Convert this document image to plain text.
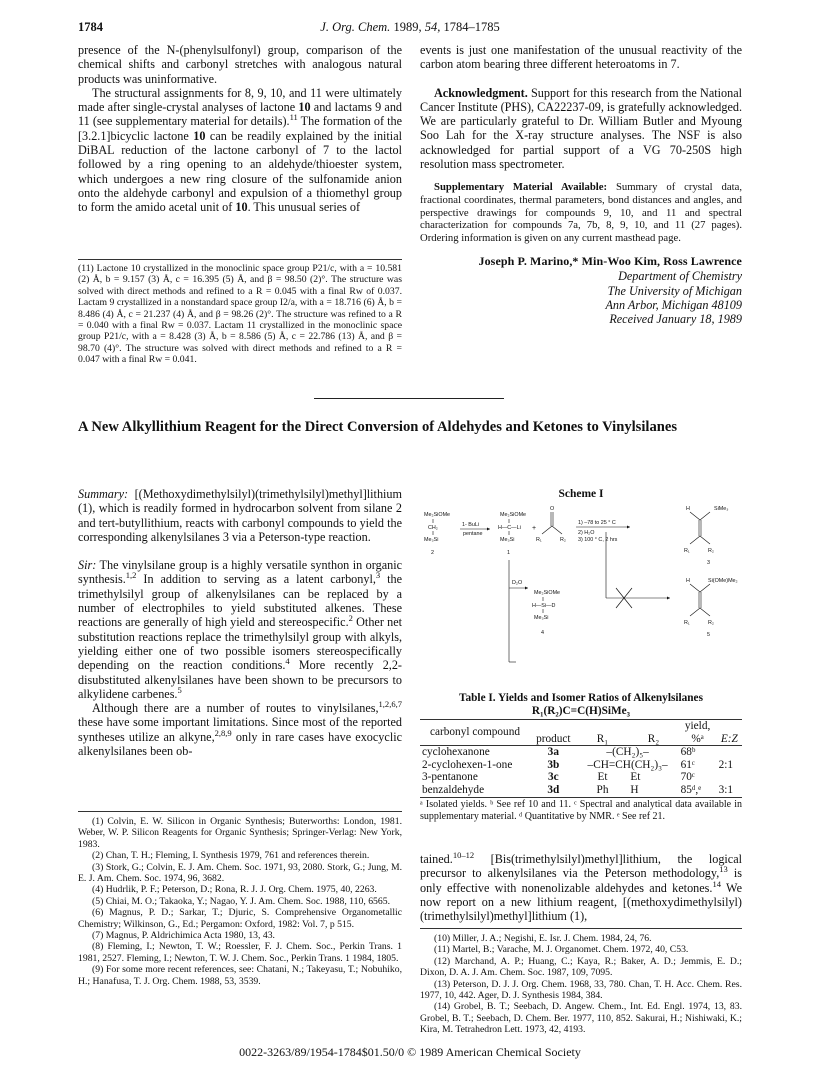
1784	J. Org. Chem. 1989, 54, 1784–1785

presence of the N-(phenylsulfonyl) group, comparison of the chemical shifts and carbonyl stretches with analogous natural products was uninformative.

The structural assignments for 8, 9, 10, and 11 were ultimately made after single-crystal analyses of lactone 10 and lactams 9 and 11 (see supplementary material for details).$^{11}$ The formation of the [3.2.1]bicyclic lactone 10 can be readily explained by the initial DiBAL reduction of the lactone carbonyl of 7 to the lactol followed by a ring opening to an aldehyde/thioester system, which undergoes a new ring closure of the sulfonamide anion onto the aldehyde carbonyl and expulsion of a thiomethyl group to form the amido acetal unit of 10. This unusual series of

(11) Lactone 10 crystallized in the monoclinic space group P21/c, with a = 10.581 (2) Å, b = 9.157 (3) Å, c = 16.395 (5) Å, and β = 98.50 (2)°. The structure was solved with direct methods and refined to a R = 0.045 with a final Rw of 0.037. Lactam 9 crystallized in a nonstandard space group I2/a, with a = 18.716 (6) Å, b = 8.486 (4) Å, c = 21.237 (4) Å, and β = 98.26 (2)°. The structure was refined to a R = 0.040 with a final Rw = 0.037. Lactam 11 crystallized in the monoclinic space group P21/c, with a = 8.428 (3) Å, b = 8.586 (5) Å, c = 22.786 (13) Å, and β = 98.70 (4)°. The structure was solved with direct methods and refined to a R = 0.047 with a final Rw = 0.041.

events is just one manifestation of the unusual reactivity of the carbon atom bearing three different heteroatoms in 7.

Acknowledgment. Support for this research from the National Cancer Institute (PHS), CA22237-09, is gratefully acknowledged. We are particularly grateful to Dr. William Butler and Myoung Soo Lah for the X-ray structure analyses. The NSF is also acknowledged for partial support of a VG 70-250S high resolution mass spectrometer.

Supplementary Material Available: Summary of crystal data, fractional coordinates, thermal parameters, bond distances and angles, and perspective drawings for compounds 9, 10, and 11 and spectral characterization for compounds 7a, 7b, 8, 9, 10, and 11 (27 pages). Ordering information is given on any current masthead page.

Joseph P. Marino,* Min-Woo Kim, Ross Lawrence

Department of Chemistry

The University of Michigan

Ann Arbor, Michigan 48109

Received January 18, 1989

A New Alkyllithium Reagent for the Direct Conversion of Aldehydes and Ketones to Vinylsilanes

Summary: [(Methoxydimethylsilyl)(trimethylsilyl)methyl]lithium (1), which is readily formed in hydrocarbon solvent from silane 2 and tert-butyllithium, reacts with carbonyl compounds to yield the corresponding alkenylsilanes 3 via a Peterson-type reaction.

Sir: The vinylsilane group is a highly versatile synthon in organic synthesis.$^{1,2}$ In addition to serving as a latent carbonyl,$^3$ the trimethylsilyl group of alkenylsilanes can be replaced by a number of electrophiles to yield substituted alkenes. These reactions are generally of high yield and stereospecific.$^2$ Other net substitution reactions replace the trimethylsilyl group with alkyls, yielding either one of two possible isomers stereospecifically depending on the reaction conditions.$^4$ More recently 2,2-disubstituted alkenylsilanes have been shown to be precursors to alkylidene carbenes.$^5$

Although there are a number of routes to vinylsilanes,$^{1,2,6,7}$ these have some important limitations. Since most of the reported syntheses utilize an alkyne,$^{2,8,9}$ only in rare cases have exocyclic alkenylsilanes been ob-

(1) Colvin, E. W. Silicon in Organic Synthesis; Buterworths: London, 1981. Weber, W. P. Silicon Reagents for Organic Synthesis; Springer-Verlag: New York, 1983.

(2) Chan, T. H.; Fleming, I. Synthesis 1979, 761 and references therein.

(3) Stork, G.; Colvin, E. J. Am. Chem. Soc. 1971, 93, 2080. Stork, G.; Jung, M. E. J. Am. Chem. Soc. 1974, 96, 3682.

(4) Hudrlik, P. F.; Peterson, D.; Rona, R. J. J. Org. Chem. 1975, 40, 2263.

(5) Chiai, M. O.; Takaoka, Y.; Nagao, Y. J. Am. Chem. Soc. 1988, 110, 6565.

(6) Magnus, P. D.; Sarkar, T.; Djuric, S. Comprehensive Organometallic Chemistry; Wilkinson, G., Ed.; Pergamon: Oxford, 1982: Vol. 7, p 515.

(7) Magnus, P. Aldrichimica Acta 1980, 13, 43.

(8) Fleming, I.; Newton, T. W.; Roessler, F. J. Chem. Soc., Perkin Trans. 1 1981, 2527. Fleming, I.; Newton, T. W. J. Chem. Soc., Perkin Trans. 1 1984, 1805.

(9) For some more recent references, see: Chatani, N.; Takeyasu, T.; Nobuhiko, H.; Hanafusa, T. J. Org. Chem. 1988, 53, 3539.

Scheme I
Me₂SiOMe
CH₂
Me₃Si
2
1- BuLi
pentane
Me₂SiOMe
H—C—Li
Me₃Si
1
+
O
R₁	R₂
1) –78 to 25 ° C
2) H₂O
3) 100 ° C, 2 hrs
H	SiMe₃
R₁	R₂
3
D₂O
Me₂SiOMe
H—Si—D
Me₃Si
4
H	Si(OMe)Me₂
R₁	R₂
5
Table I. Yields and Isomer Ratios of Alkenylsilanes
R₁(R₂)C=C(H)SiMe₃
carbonyl compound	product	R₁	R₂	yield, %ᵃ	E:Z
cyclohexanone	3a	–(CH₂)₅–		68ᵇ	
2-cyclohexen-1-one	3b	–CH=CH(CH₂)₃–		61ᶜ	2:1
3-pentanone	3c	Et	Et	70ᶜ	
benzaldehyde	3d	Ph	H	85ᵈ,ᵉ	3:1
ᵃ Isolated yields. ᵇ See ref 10 and 11. ᶜ Spectral and analytical data available in supplementary material. ᵈ Quantitative by NMR. ᵉ See ref 21.

tained.$^{10-12}$ [Bis(trimethylsilyl)methyl]lithium, the logical precursor to alkenylsilanes via the Peterson methodology,$^{13}$ is only effective with nonenolizable aldehydes and ketones.$^{14}$ We now report on a new lithium reagent, [(methoxydimethylsilyl)(trimethylsilyl)methyl]lithium (1),

(10) Miller, J. A.; Negishi, E. Isr. J. Chem. 1984, 24, 76.

(11) Martel, B.; Varache, M. J. Organomet. Chem. 1972, 40, C53.

(12) Marchand, A. P.; Huang, C.; Kaya, R.; Baker, A. D.; Jemmis, E. D.; Dixon, D. A. J. Am. Chem. Soc. 1987, 109, 7095.

(13) Peterson, D. J. J. Org. Chem. 1968, 33, 780. Chan, T. H. Acc. Chem. Res. 1977, 10, 442. Ager, D. J. Synthesis 1984, 384.

(14) Grobel, B. T.; Seebach, D. Angew. Chem., Int. Ed. Engl. 1974, 13, 83. Grobel, B. T.; Seebach, D. Chem. Ber. 1977, 110, 852. Sakurai, H.; Nishiwaki, K.; Kira, M. Tetrahedron Lett. 1973, 42, 4193.

0022-3263/89/1954-1784$01.50/0 © 1989 American Chemical Society
